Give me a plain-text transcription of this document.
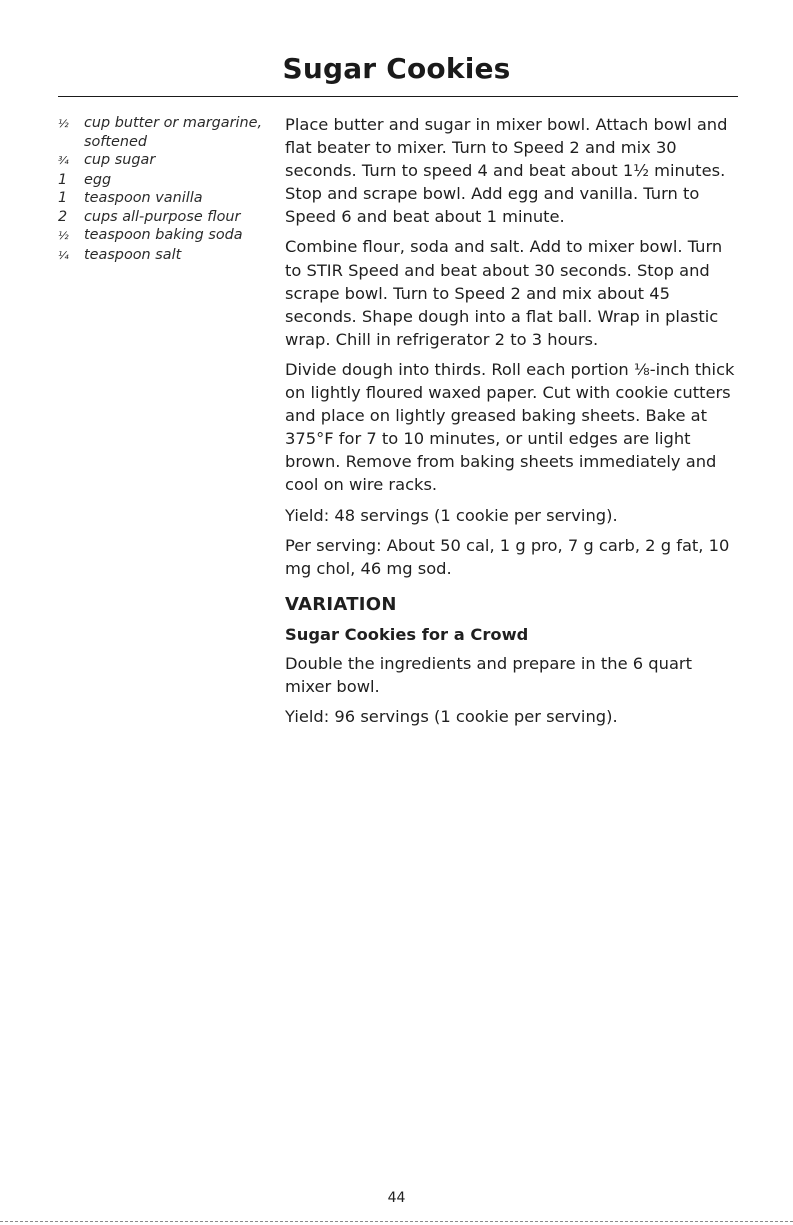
Sugar Cookies
½	cup butter or margarine, softened
¾	cup sugar
1	egg
1	teaspoon vanilla
2	cups all-purpose flour
½	teaspoon baking soda
¼	teaspoon salt

Place butter and sugar in mixer bowl. Attach bowl and flat beater to mixer. Turn to Speed 2 and mix 30 seconds. Turn to speed 4 and beat about 1½ minutes. Stop and scrape bowl. Add egg and vanilla. Turn to Speed 6 and beat about 1 minute.

Combine flour, soda and salt. Add to mixer bowl. Turn to STIR Speed and beat about 30 seconds. Stop and scrape bowl. Turn to Speed 2 and mix about 45 seconds. Shape dough into a flat ball. Wrap in plastic wrap. Chill in refrigerator 2 to 3 hours.

Divide dough into thirds. Roll each portion ⅛-inch thick on lightly floured waxed paper. Cut with cookie cutters and place on lightly greased baking sheets. Bake at 375°F for 7 to 10 minutes, or until edges are light brown. Remove from baking sheets immediately and cool on wire racks.

Yield: 48 servings (1 cookie per serving).

Per serving: About 50 cal, 1 g pro, 7 g carb, 2 g fat, 10 mg chol, 46 mg sod.

VARIATION
Sugar Cookies for a Crowd

Double the ingredients and prepare in the 6 quart mixer bowl.

Yield: 96 servings (1 cookie per serving).

44
